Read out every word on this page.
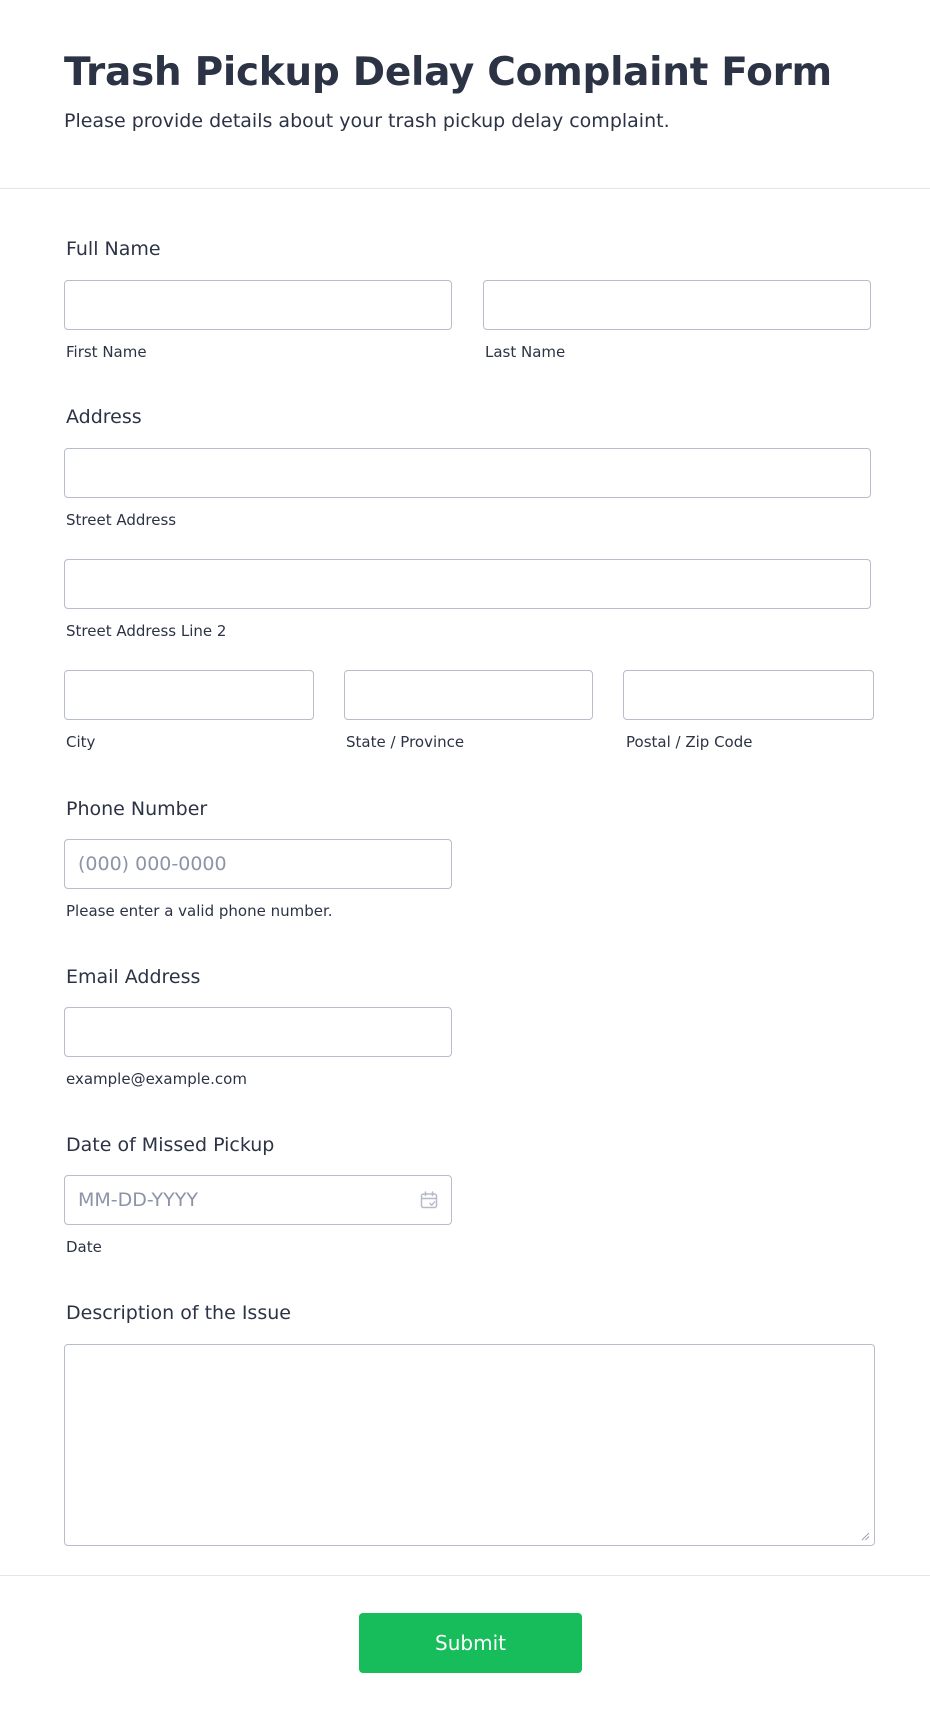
Trash Pickup Delay Complaint Form

Please provide details about your trash pickup delay complaint.

Full Name
First Name	Last Name
Address
Street Address
Street Address Line 2
City	State / Province	Postal / Zip Code
Phone Number
(000) 000-0000
Please enter a valid phone number.
Email Address
example@example.com
Date of Missed Pickup
MM-DD-YYYY
Date
Description of the Issue
Submit
